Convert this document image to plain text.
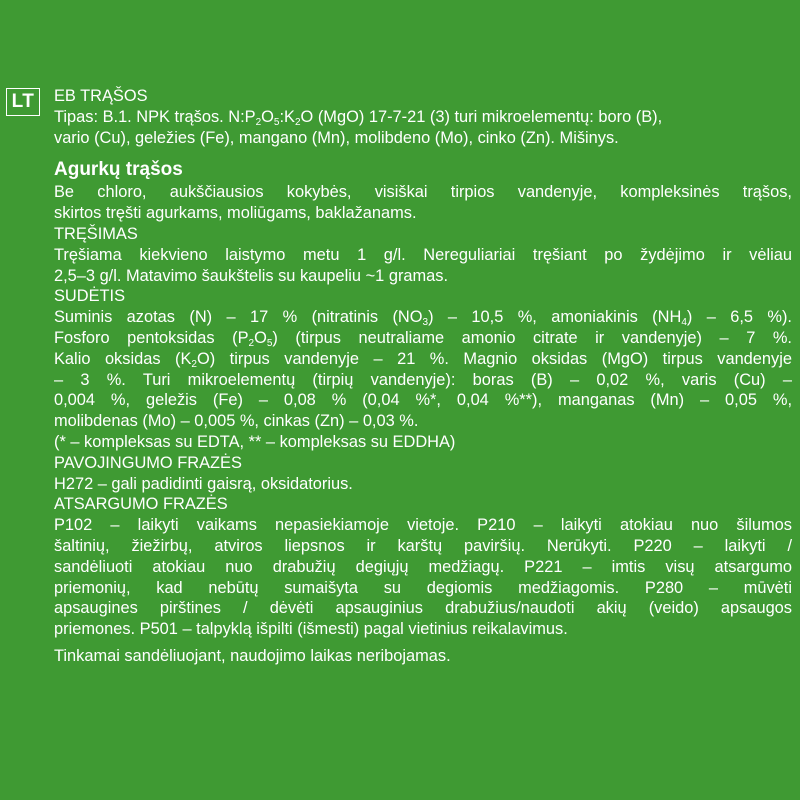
LT	EB TRĄŠOS
Tipas: B.1. NPK trąšos. $N:P_2O_5:K_2O$ (MgO) 17-7-21 (3) turi mikroelementų: boro (B),
vario (Cu), geležies (Fe), mangano (Mn), molibdeno (Mo), cinko (Zn). Mišinys.
Agurkų trąšos
Be chloro, aukščiausios kokybės, visiškai tirpios vandenyje, kompleksinės trąšos,
skirtos tręšti agurkams, moliūgams, baklažanams.
TRĘŠIMAS
Tręšiama kiekvieno laistymo metu 1 g/l. Nereguliariai tręšiant po žydėjimo ir vėliau
2,5–3 g/l. Matavimo šaukštelis su kaupeliu ~1 gramas.
SUDĖTIS
Suminis azotas (N) – 17 % (nitratinis $(NO_3) - 10,5$ %, amoniakinis $(NH_4) - 6,5$ %).
Fosforo pentoksidas $(P_2O_5)$ (tirpus neutraliame amonio citrate ir vandenyje) – 7 %.
Kalio oksidas $(K_2O)$ tirpus vandenyje – 21 %. Magnio oksidas (MgO) tirpus vandenyje
– 3 %. Turi mikroelementų (tirpių vandenyje): boras (B) – 0,02 %, varis (Cu) –
0,004 %, geležis (Fe) – 0,08 % (0,04 %*, 0,04 %**), manganas (Mn) – 0,05 %,
molibdenas (Mo) – 0,005 %, cinkas (Zn) – 0,03 %.
(* – kompleksas su EDTA, ** – kompleksas su EDDHA)
PAVOJINGUMO FRAZĖS
H272 – gali padidinti gaisrą, oksidatorius.
ATSARGUMO FRAZĖS
P102 – laikyti vaikams nepasiekiamoje vietoje. P210 – laikyti atokiau nuo šilumos
šaltinių, žiežirbų, atviros liepsnos ir karštų paviršių. Nerūkyti. P220 – laikyti /
sandėliuoti atokiau nuo drabužių degiųjų medžiagų. P221 – imtis visų atsargumo
priemonių, kad nebūtų sumaišyta su degiomis medžiagomis. P280 – mūvėti
apsaugines pirštines / dėvėti apsauginius drabužius/naudoti akių (veido) apsaugos
priemones. P501 – talpyklą išpilti (išmesti) pagal vietinius reikalavimus.
Tinkamai sandėliuojant, naudojimo laikas neribojamas.
